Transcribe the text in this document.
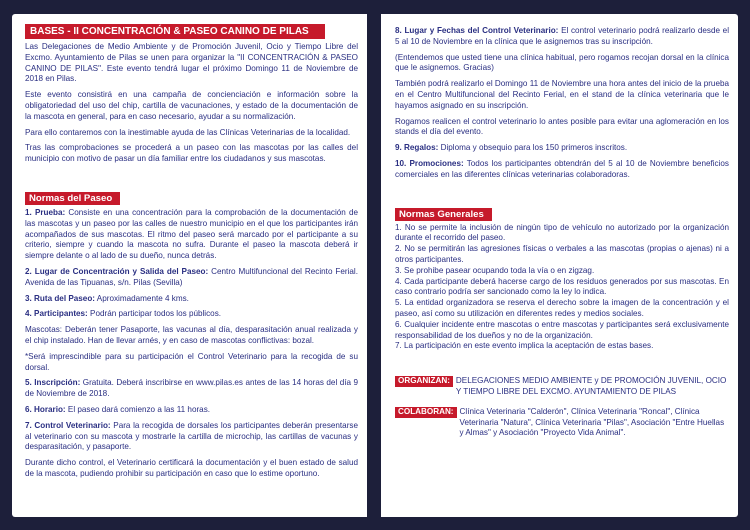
BASES - II CONCENTRACIÓN & PASEO CANINO DE PILAS

Las Delegaciones de Medio Ambiente y de Promoción Juvenil, Ocio y Tiempo Libre del Excmo. Ayuntamiento de Pilas se unen para organizar la "II CONCENTRACIÓN & PASEO CANINO DE PILAS". Este evento tendrá lugar el próximo Domingo 11 de Noviembre de 2018 en Pilas.

Este evento consistirá en una campaña de concienciación e información sobre la obligatoriedad del uso del chip, cartilla de vacunaciones, y estado de la documentación de la mascota en general, para en caso necesario, ayudar a su normalización.

Para ello contaremos con la inestimable ayuda de las Clínicas Veterinarias de la localidad.

Tras las comprobaciones se procederá a un paseo con las mascotas por las calles del municipio con motivo de pasar un día familiar entre los ciudadanos y sus mascotas.

Normas del Paseo

1. Prueba: Consiste en una concentración para la comprobación de la documentación de las mascotas y un paseo por las calles de nuestro municipio en el que los participantes irán acompañados de sus mascotas. El ritmo del paseo será marcado por el participante a su criterio, siempre y cuando la mascota no sufra. Durante el paseo la mascota deberá ir siempre delante o al lado de su dueño, nunca detrás.

2. Lugar de Concentración y Salida del Paseo: Centro Multifuncional del Recinto Ferial. Avenida de las Tipuanas, s/n. Pilas (Sevilla)

3. Ruta del Paseo: Aproximadamente 4 kms.

4. Participantes: Podrán participar todos los públicos.

Mascotas: Deberán tener Pasaporte, las vacunas al día, desparasitación anual realizada y el chip instalado. Han de llevar arnés, y en caso de mascotas conflictivas: bozal.

*Será imprescindible para su participación el Control Veterinario para la recogida de su dorsal.

5. Inscripción: Gratuita. Deberá inscribirse en www.pilas.es antes de las 14 horas del día 9 de Noviembre de 2018.

6. Horario: El paseo dará comienzo a las 11 horas.

7. Control Veterinario: Para la recogida de dorsales los participantes deberán presentarse al veterinario con su mascota y mostrarle la cartilla de microchip, las cartillas de vacunas y desparasitación, y pasaporte.

Durante dicho control, el Veterinario certificará la documentación y el buen estado de salud de la mascota, pudiendo prohibir su participación en caso que lo estime oportuno.

8. Lugar y Fechas del Control Veterinario: El control veterinario podrá realizarlo desde el 5 al 10 de Noviembre en la clínica que le asignemos tras su inscripción.

(Entendemos que usted tiene una clínica habitual, pero rogamos recojan dorsal en la clínica que le asignemos. Gracias)

También podrá realizarlo el Domingo 11 de Noviembre una hora antes del inicio de la prueba en el Centro Multifuncional del Recinto Ferial, en el stand de la clínica veterinaria que le hayamos asignado en su inscripción.

Rogamos realicen el control veterinario lo antes posible para evitar una aglomeración en los stands el día del evento.

9. Regalos: Diploma y obsequio para los 150 primeros inscritos.

10. Promociones: Todos los participantes obtendrán del 5 al 10 de Noviembre beneficios comerciales en las diferentes clínicas veterinarias colaboradoras.

Normas Generales

1. No se permite la inclusión de ningún tipo de vehículo no autorizado por la organización durante el recorrido del paseo.

2. No se permitirán las agresiones físicas o verbales a las mascotas (propias o ajenas) ni a otros participantes.

3. Se prohibe pasear ocupando toda la vía o en zigzag.

4. Cada participante deberá hacerse cargo de los residuos generados por sus mascotas. En caso contrario podría ser sancionado como la ley lo indica.

5. La entidad organizadora se reserva el derecho sobre la imagen de la concentración y el paseo, así como su utilización en diferentes redes y medios sociales.

6. Cualquier incidente entre mascotas o entre mascotas y participantes será exclusivamente responsabilidad de los dueños y no de la organización.

7. La participación en este evento implica la aceptación de estas bases.

ORGANIZAN: DELEGACIONES MEDIO AMBIENTE y DE PROMOCIÓN JUVENIL, OCIO Y TIEMPO LIBRE DEL EXCMO. AYUNTAMIENTO DE PILAS
COLABORAN: Clínica Veterinaria "Calderón", Clínica Veterinaria "Roncal", Clínica Veterinaria "Natura", Clínica Veterinaria "Pilas", Asociación "Entre Huellas y Almas" y Asociación "Proyecto Vida Animal".
